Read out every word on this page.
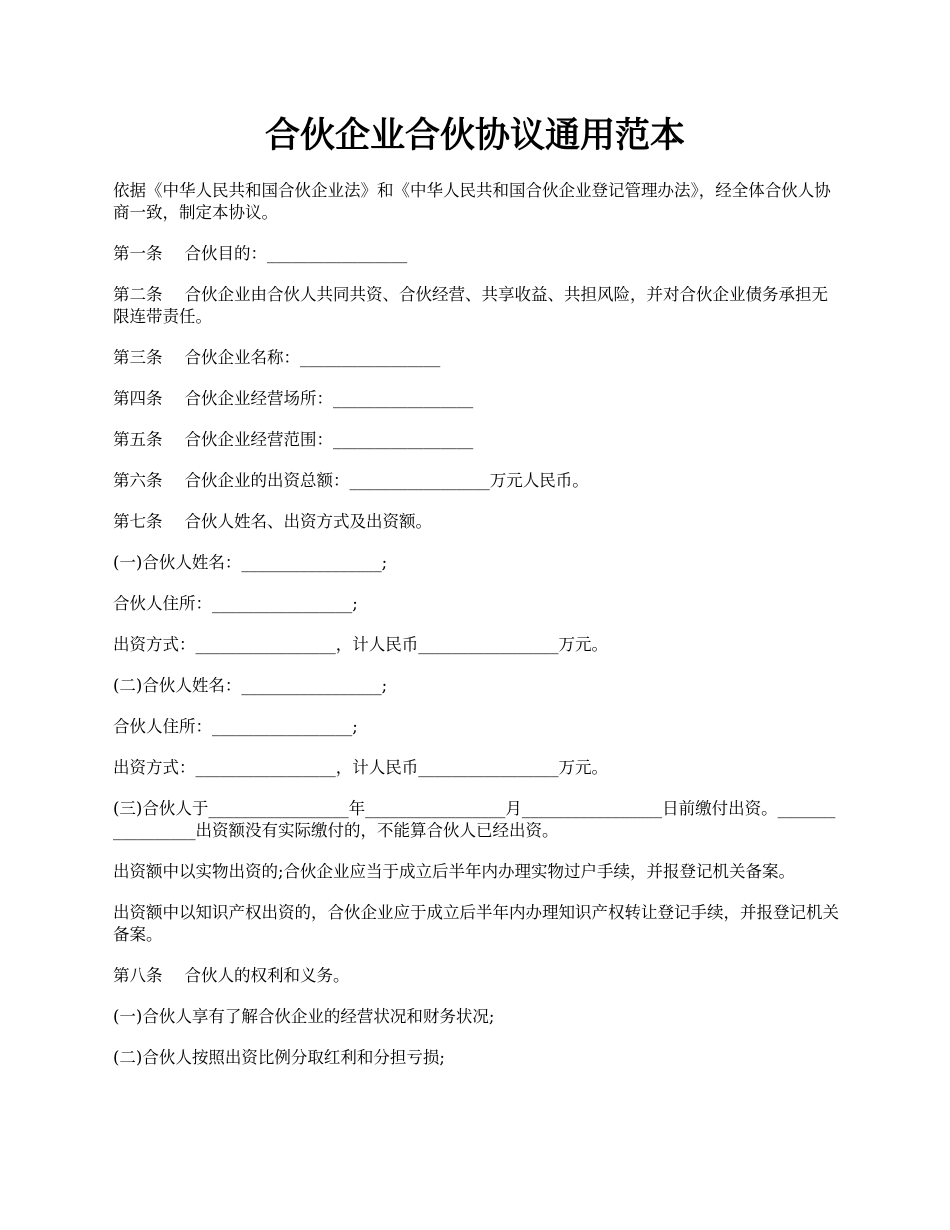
合伙企业合伙协议通用范本

依据《中华人民共和国合伙企业法》和《中华人民共和国合伙企业登记管理办法》，经全体合伙人协商一致，制定本协议。

第一条 合伙目的：_________________

第二条 合伙企业由合伙人共同共资、合伙经营、共享收益、共担风险，并对合伙企业债务承担无限连带责任。

第三条 合伙企业名称：_________________

第四条 合伙企业经营场所：_________________

第五条 合伙企业经营范围：_________________

第六条 合伙企业的出资总额：_________________万元人民币。

第七条 合伙人姓名、出资方式及出资额。

(一)合伙人姓名：_________________;

合伙人住所：_________________;

出资方式：_________________，计人民币_________________万元。

(二)合伙人姓名：_________________;

合伙人住所：_________________;

出资方式：_________________，计人民币_________________万元。

(三)合伙人于_________________年_________________月_________________日前缴付出资。_________________出资额没有实际缴付的，不能算合伙人已经出资。

出资额中以实物出资的;合伙企业应当于成立后半年内办理实物过户手续，并报登记机关备案。

出资额中以知识产权出资的，合伙企业应于成立后半年内办理知识产权转让登记手续，并报登记机关备案。

第八条 合伙人的权利和义务。

(一)合伙人享有了解合伙企业的经营状况和财务状况;

(二)合伙人按照出资比例分取红利和分担亏损;
